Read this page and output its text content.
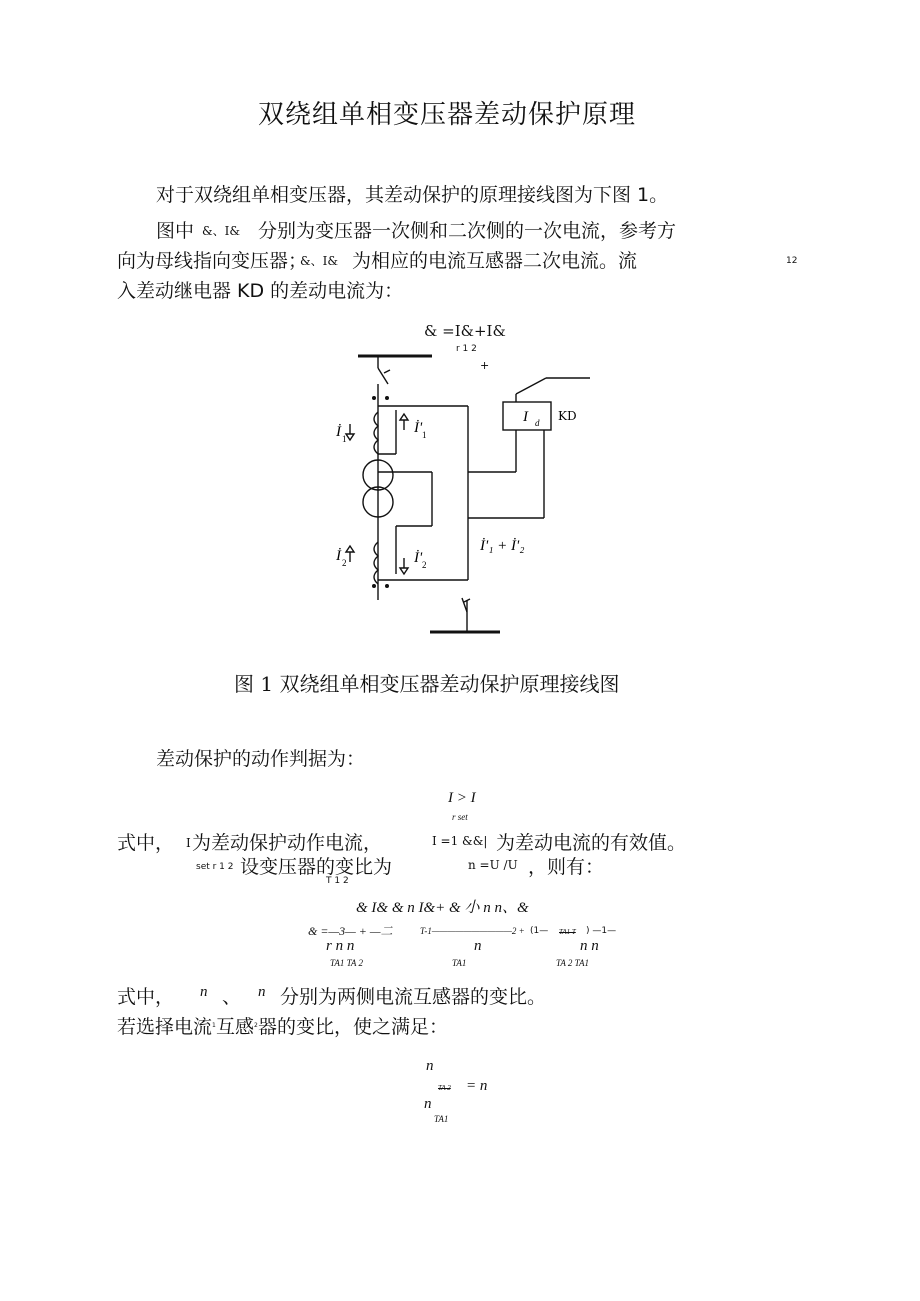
双绕组单相变压器差动保护原理
对于双绕组单相变压器，其差动保护的原理接线图为下图 1。
图中 &、I& 分别为变压器一次侧和二次侧的一次电流，参考方
向为母线指向变压器；
&、I& 为相应的电流互感器二次电流。流	12
入差动继电器 KD 的差动电流为：
& =I&+I&
r 1 2
+
I d KD
İ 1
İ' 1
İ 2	İ' 2
İ'₁ + İ'₂
图 1 双绕组单相变压器差动保护原理接线图
差动保护的动作判据为：
I > I
r set
式中， I 为差动保护动作电流，	I =1 &&| 为差动电流的有效值。
set r 1 2 设变压器的变比为	n =U /U ，则有：
T 1 2
& I& & n I&+ & 小 n n、&
& =—3— + —二	T-1——————————2 + (1— TA1 T ) —1—
r n n	n	n n
TA1 TA 2	TA1	TA 2 TA1
式中， n 、 n 分别为两侧电流互感器的变比。
若选择电流 1 互感 2 器的变比，使之满足：
n
TA 2 = n
n
TA1
